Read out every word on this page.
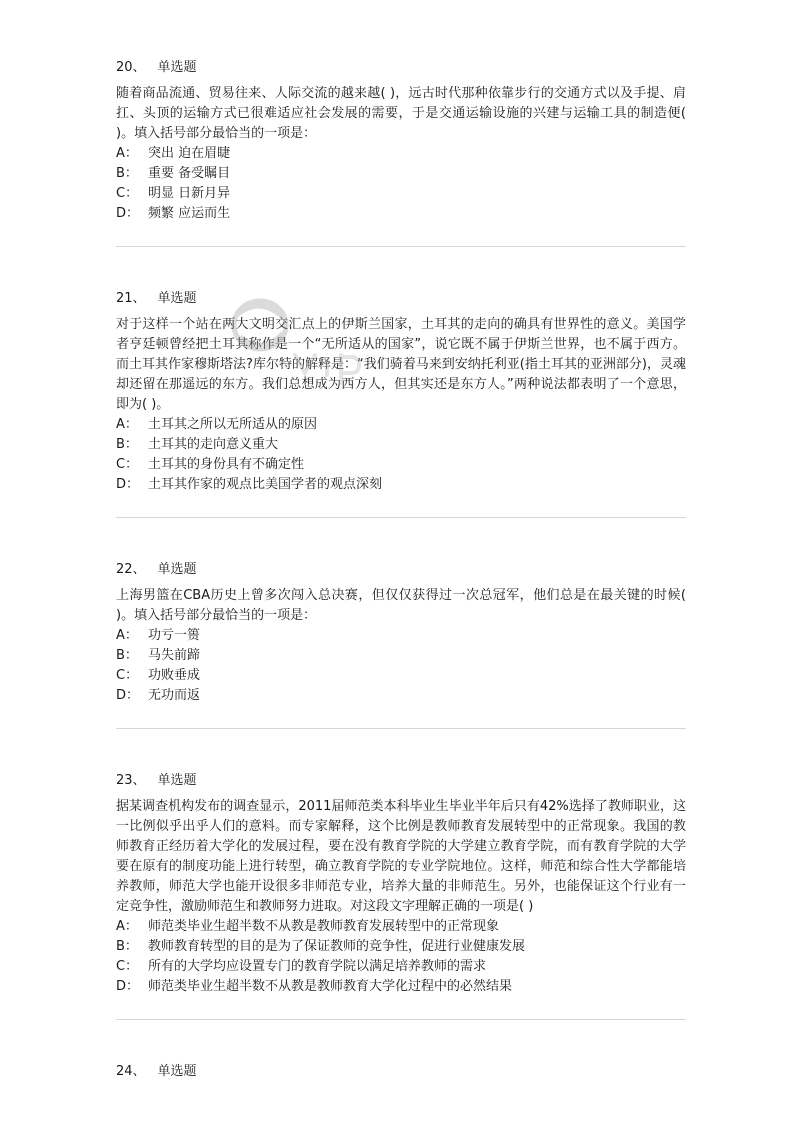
20、 单选题

随着商品流通、贸易往来、人际交流的越来越( )，远古时代那种依靠步行的交通方式以及手提、肩扛、头顶的运输方式已很难适应社会发展的需要，于是交通运输设施的兴建与运输工具的制造便( )。填入括号部分最恰当的一项是：

A： 突出 迫在眉睫
B： 重要 备受瞩目
C： 明显 日新月异
D： 频繁 应运而生
21、 单选题

对于这样一个站在两大文明交汇点上的伊斯兰国家，土耳其的走向的确具有世界性的意义。美国学者亨廷顿曾经把土耳其称作是一个“无所适从的国家”，说它既不属于伊斯兰世界，也不属于西方。而土耳其作家穆斯塔法?库尔特的解释是：“我们骑着马来到安纳托利亚(指土耳其的亚洲部分)，灵魂却还留在那遥远的东方。我们总想成为西方人，但其实还是东方人。”两种说法都表明了一个意思，即为( )。

A： 土耳其之所以无所适从的原因
B： 土耳其的走向意义重大
C： 土耳其的身份具有不确定性
D： 土耳其作家的观点比美国学者的观点深刻
22、 单选题

上海男篮在CBA历史上曾多次闯入总决赛，但仅仅获得过一次总冠军，他们总是在最关键的时候( )。填入括号部分最恰当的一项是：

A： 功亏一篑
B： 马失前蹄
C： 功败垂成
D： 无功而返
23、 单选题

据某调查机构发布的调查显示，2011届师范类本科毕业生毕业半年后只有42%选择了教师职业，这一比例似乎出乎人们的意料。而专家解释，这个比例是教师教育发展转型中的正常现象。我国的教师教育正经历着大学化的发展过程，要在没有教育学院的大学建立教育学院，而有教育学院的大学要在原有的制度功能上进行转型，确立教育学院的专业学院地位。这样，师范和综合性大学都能培养教师，师范大学也能开设很多非师范专业，培养大量的非师范生。另外，也能保证这个行业有一定竞争性，激励师范生和教师努力进取。对这段文字理解正确的一项是( )

A： 师范类毕业生超半数不从教是教师教育发展转型中的正常现象
B： 教师教育转型的目的是为了保证教师的竞争性，促进行业健康发展
C： 所有的大学均应设置专门的教育学院以满足培养教师的需求
D： 师范类毕业生超半数不从教是教师教育大学化过程中的必然结果
24、 单选题
